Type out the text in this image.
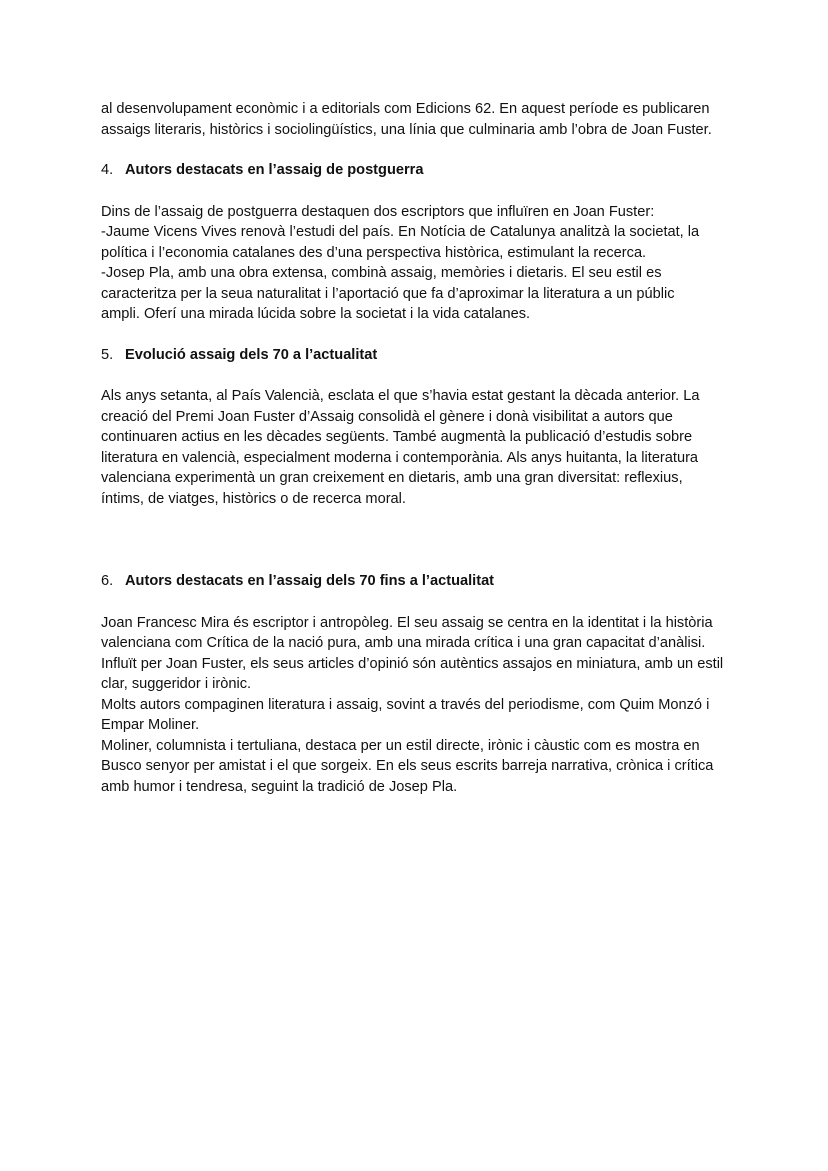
al desenvolupament econòmic i a editorials com Edicions 62. En aquest període es publicaren
assaigs literaris, històrics i sociolingüístics, una línia que culminaria amb l’obra de Joan Fuster.
4. Autors destacats en l’assaig de postguerra
Dins de l’assaig de postguerra destaquen dos escriptors que influïren en Joan Fuster:
-Jaume Vicens Vives renovà l’estudi del país. En Notícia de Catalunya analitzà la societat, la
política i l’economia catalanes des d’una perspectiva històrica, estimulant la recerca.
-Josep Pla, amb una obra extensa, combinà assaig, memòries i dietaris. El seu estil es
caracteritza per la seua naturalitat i l’aportació que fa d’aproximar la literatura a un públic
ampli. Oferí una mirada lúcida sobre la societat i la vida catalanes.
5. Evolució assaig dels 70 a l’actualitat
Als anys setanta, al País Valencià, esclata el que s’havia estat gestant la dècada anterior. La
creació del Premi Joan Fuster d’Assaig consolidà el gènere i donà visibilitat a autors que
continuaren actius en les dècades següents. També augmentà la publicació d’estudis sobre
literatura en valencià, especialment moderna i contemporània. Als anys huitanta, la literatura
valenciana experimentà un gran creixement en dietaris, amb una gran diversitat: reflexius,
íntims, de viatges, històrics o de recerca moral.
6. Autors destacats en l’assaig dels 70 fins a l’actualitat
Joan Francesc Mira és escriptor i antropòleg. El seu assaig se centra en la identitat i la història
valenciana com Crítica de la nació pura, amb una mirada crítica i una gran capacitat d’anàlisi.
Influït per Joan Fuster, els seus articles d’opinió són autèntics assajos en miniatura, amb un estil
clar, suggeridor i irònic.
Molts autors compaginen literatura i assaig, sovint a través del periodisme, com Quim Monzó i
Empar Moliner.
Moliner, columnista i tertuliana, destaca per un estil directe, irònic i càustic com es mostra en
Busco senyor per amistat i el que sorgeix. En els seus escrits barreja narrativa, crònica i crítica
amb humor i tendresa, seguint la tradició de Josep Pla.
